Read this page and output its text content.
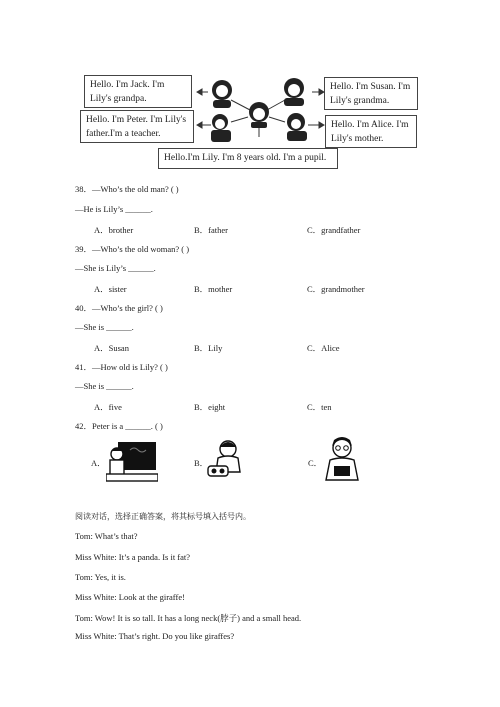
Hello. I'm Jack. I'm Lily's grandpa.
Hello. I'm Susan. I'm Lily's grandma.
Hello. I'm Peter. I'm Lily's father.I'm a teacher.
Hello. I'm Alice. I'm Lily's mother.
Hello.I'm Lily. I'm 8 years old. I'm a pupil.
38．—Who’s the old man? ( )
—He is Lily’s ______.
A．brother	B．father	C．grandfather
39．—Who’s the old woman? ( )
—She is Lily’s ______.
A．sister	B．mother	C．grandmother
40．—Who’s the girl? ( )
—She is ______.
A．Susan	B．Lily	C．Alice
41．—How old is Lily? ( )
—She is ______.
A．five	B．eight	C．ten
42．Peter is a ______. ( )
A．	B．	C．
阅读对话，选择正确答案，将其标号填入括号内。
Tom: What’s that?
Miss White: It’s a panda. Is it fat?
Tom: Yes, it is.
Miss White: Look at the giraffe!
Tom: Wow! It is so tall. It has a long neck(脖子) and a small head.
Miss White: That’s right. Do you like giraffes?
